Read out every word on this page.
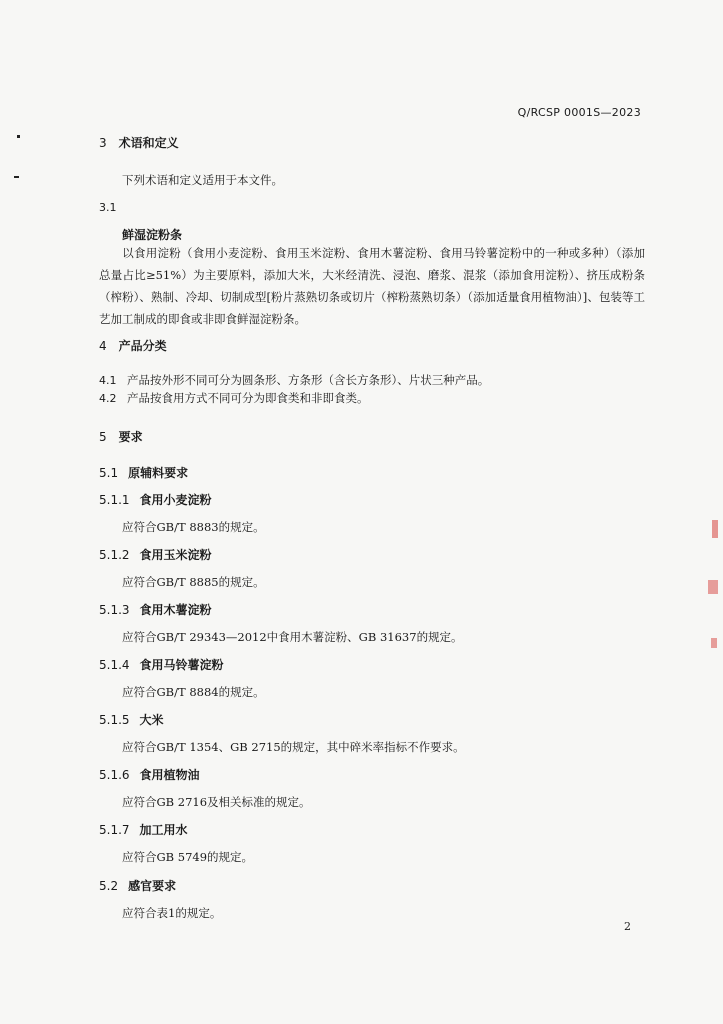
Q/RCSP 0001S—2023
3 术语和定义
下列术语和定义适用于本文件。
3.1
鲜湿淀粉条
以食用淀粉（食用小麦淀粉、食用玉米淀粉、食用木薯淀粉、食用马铃薯淀粉中的一种或多种）（添加总量占比≥51%）为主要原料，添加大米，大米经清洗、浸泡、磨浆、混浆（添加食用淀粉）、挤压成粉条（榨粉）、熟制、冷却、切制成型[粉片蒸熟切条或切片（榨粉蒸熟切条）（添加适量食用植物油）]、包装等工艺加工制成的即食或非即食鲜湿淀粉条。
4 产品分类
4.1 产品按外形不同可分为圆条形、方条形（含长方条形）、片状三种产品。
4.2 产品按食用方式不同可分为即食类和非即食类。
5 要求
5.1 原辅料要求
5.1.1 食用小麦淀粉
应符合GB/T 8883的规定。
5.1.2 食用玉米淀粉
应符合GB/T 8885的规定。
5.1.3 食用木薯淀粉
应符合GB/T 29343—2012中食用木薯淀粉、GB 31637的规定。
5.1.4 食用马铃薯淀粉
应符合GB/T 8884的规定。
5.1.5 大米
应符合GB/T 1354、GB 2715的规定，其中碎米率指标不作要求。
5.1.6 食用植物油
应符合GB 2716及相关标准的规定。
5.1.7 加工用水
应符合GB 5749的规定。
5.2 感官要求
应符合表1的规定。
2
